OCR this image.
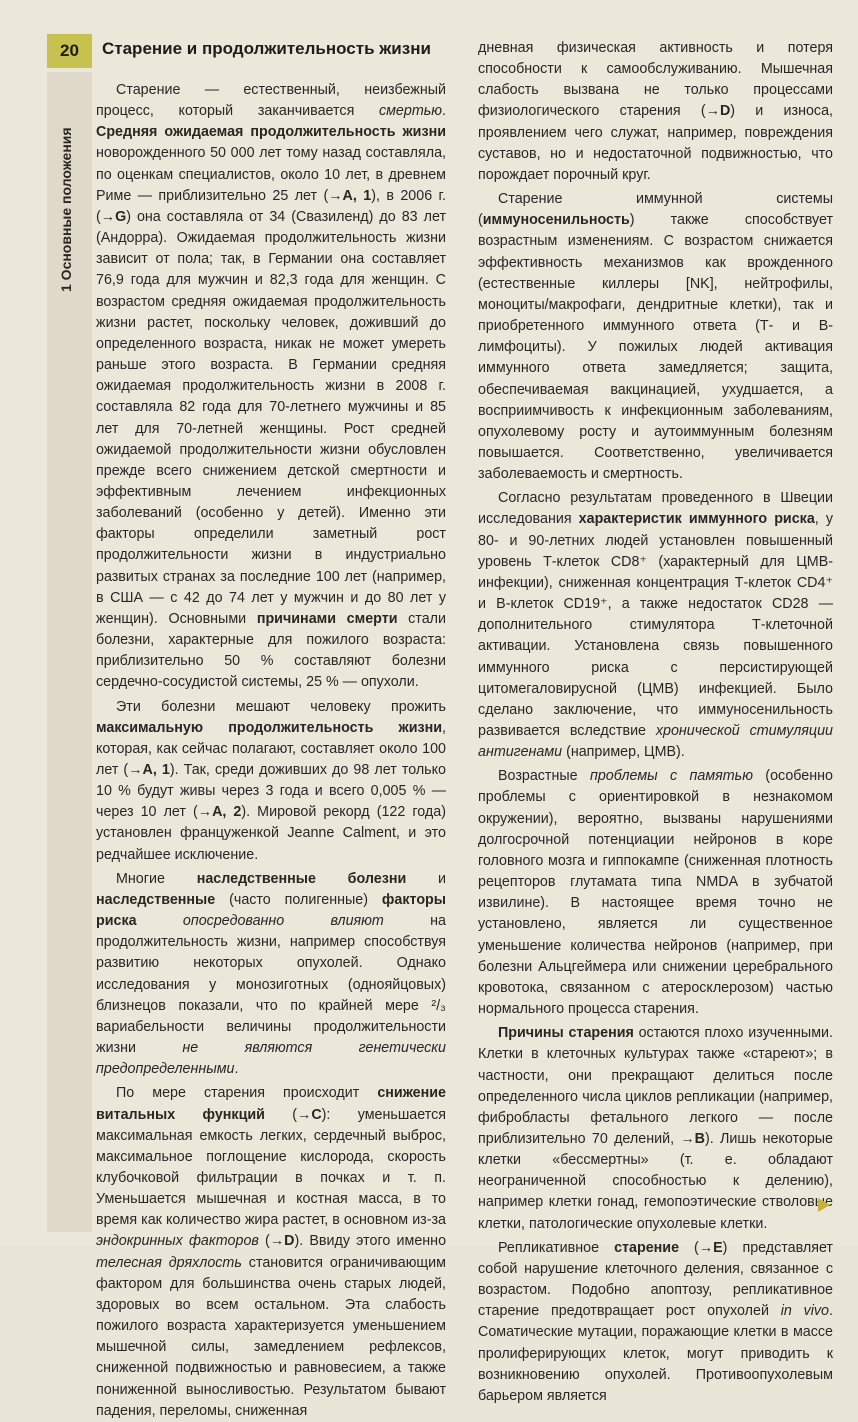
20	Старение и продолжительность жизни
1 Основные положения

Старение — естественный, неизбежный процесс, который заканчивается смертью. Средняя ожидаемая продолжительность жизни новорожденного 50 000 лет тому назад составляла, по оценкам специалистов, около 10 лет, в древнем Риме — приблизительно 25 лет (→A, 1), в 2006 г. (→G) она составляла от 34 (Свазиленд) до 83 лет (Андорра). Ожидаемая продолжительность жизни зависит от пола; так, в Германии она составляет 76,9 года для мужчин и 82,3 года для женщин. С возрастом средняя ожидаемая продолжительность жизни растет, поскольку человек, доживший до определенного возраста, никак не может умереть раньше этого возраста. В Германии средняя ожидаемая продолжительность жизни в 2008 г. составляла 82 года для 70-летнего мужчины и 85 лет для 70-летней женщины. Рост средней ожидаемой продолжительности жизни обусловлен прежде всего снижением детской смертности и эффективным лечением инфекционных заболеваний (особенно у детей). Именно эти факторы определили заметный рост продолжительности жизни в индустриально развитых странах за последние 100 лет (например, в США — с 42 до 74 лет у мужчин и до 80 лет у женщин). Основными причинами смерти стали болезни, характерные для пожилого возраста: приблизительно 50 % составляют болезни сердечно-сосудистой системы, 25 % — опухоли.

Эти болезни мешают человеку прожить максимальную продолжительность жизни, которая, как сейчас полагают, составляет около 100 лет (→A, 1). Так, среди доживших до 98 лет только 10 % будут живы через 3 года и всего 0,005 % — через 10 лет (→A, 2). Мировой рекорд (122 года) установлен француженкой Jeanne Calment, и это редчайшее исключение.

Многие наследственные болезни и наследственные (часто полигенные) факторы риска	опосредованно влияют на продолжительность жизни, например способствуя развитию некоторых опухолей. Однако исследования у монозиготных (однояйцовых) близнецов показали, что по крайней мере ²/₃ вариабельности величины продолжительности жизни не являются генетически предопределенными.

По мере старения происходит снижение витальных функций (→C): уменьшается максимальная емкость легких, сердечный выброс, максимальное поглощение кислорода, скорость клубочковой фильтрации в почках и т. п. Уменьшается мышечная и костная масса, в то время как количество жира растет, в основном из-за эндокринных факторов (→D). Ввиду этого именно телесная дряхлость становится ограничивающим фактором для большинства очень старых людей, здоровых во всем остальном. Эта слабость пожилого возраста характеризуется уменьшением мышечной силы, замедлением рефлексов, сниженной подвижностью и равновесием, а также пониженной выносливостью. Результатом бывают падения, переломы, сниженная

дневная физическая активность и потеря способности к самообслуживанию. Мышечная слабость вызвана не только процессами физиологического старения (→D) и износа, проявлением чего служат, например, повреждения суставов, но и недостаточной подвижностью, что порождает порочный круг.

Старение иммунной системы (иммуносенильность) также способствует возрастным изменениям. С возрастом снижается эффективность механизмов как врожденного (естественные киллеры [NK], нейтрофилы, моноциты/макрофаги, дендритные клетки), так и приобретенного иммунного ответа (Т- и В-лимфоциты). У пожилых людей активация иммунного ответа замедляется; защита, обеспечиваемая вакцинацией, ухудшается, а восприимчивость к инфекционным заболеваниям, опухолевому росту и аутоиммунным болезням повышается. Соответственно, увеличивается заболеваемость и смертность.

Согласно результатам проведенного в Швеции исследования характеристик иммунного риска, у 80- и 90-летних людей установлен повышенный уровень Т-клеток CD8⁺ (характерный для ЦМВ-инфекции), сниженная концентрация Т-клеток CD4⁺ и В-клеток CD19⁺, а также недостаток CD28 — дополнительного стимулятора Т-клеточной активации. Установлена связь повышенного иммунного риска с персистирующей цитомегаловирусной (ЦМВ) инфекцией. Было сделано заключение, что иммуносенильность развивается вследствие хронической стимуляции антигенами (например, ЦМВ).

Возрастные проблемы с памятью (особенно проблемы с ориентировкой в незнакомом окружении), вероятно, вызваны нарушениями долгосрочной потенциации нейронов в коре головного мозга и гиппокампе (сниженная плотность рецепторов глутамата типа NMDA в зубчатой извилине). В настоящее время точно не установлено, является ли существенное уменьшение количества нейронов (например, при болезни Альцгеймера или снижении церебрального кровотока, связанном с атеросклерозом) частью нормального процесса старения.

Причины старения остаются плохо изученными. Клетки в клеточных культурах также «стареют»; в частности, они прекращают делиться после определенного числа циклов репликации (например, фибробласты фетального легкого — после приблизительно 70 делений, →B). Лишь некоторые клетки «бессмертны» (т. е. обладают неограниченной способностью к делению), например клетки гонад, гемопоэтические стволовые клетки, патологические опухолевые клетки.

Репликативное старение (→E) представляет собой нарушение клеточного деления, связанное с возрастом. Подобно апоптозу, репликативное старение предотвращает рост опухолей in vivo. Соматические мутации, поражающие клетки в массе пролиферирующих клеток, могут приводить к возникновению опухолей. Противоопухолевым барьером является
